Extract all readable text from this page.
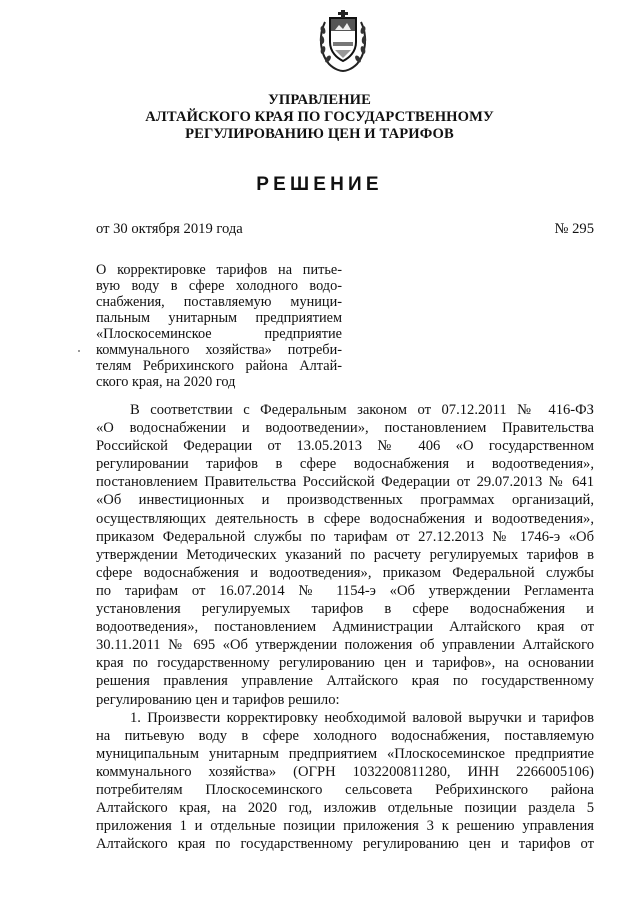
УПРАВЛЕНИЕ
АЛТАЙСКОГО КРАЯ ПО ГОСУДАРСТВЕННОМУ
РЕГУЛИРОВАНИЮ ЦЕН И ТАРИФОВ
РЕШЕНИЕ
от 30 октября 2019 года	№ 295
О корректировке тарифов на питье-
вую воду в сфере холодного водо-
снабжения, поставляемую муници-
пальным унитарным предприятием
«Плоскосеминское предприятие
коммунального хозяйства» потреби-
телям Ребрихинского района Алтай-
ского края, на 2020 год
В соответствии с Федеральным законом от 07.12.2011 № 416-ФЗ
«О водоснабжении и водоотведении», постановлением Правительства
Российской Федерации от 13.05.2013 № 406 «О государственном
регулировании тарифов в сфере водоснабжения и водоотведения»,
постановлением Правительства Российской Федерации от 29.07.2013 № 641
«Об инвестиционных и производственных программах организаций,
осуществляющих деятельность в сфере водоснабжения и водоотведения»,
приказом Федеральной службы по тарифам от 27.12.2013 № 1746-э «Об
утверждении Методических указаний по расчету регулируемых тарифов в
сфере водоснабжения и водоотведения», приказом Федеральной службы
по тарифам от 16.07.2014 № 1154-э «Об утверждении Регламента
установления регулируемых тарифов в сфере водоснабжения и
водоотведения», постановлением Администрации Алтайского края от
30.11.2011 № 695 «Об утверждении положения об управлении Алтайского
края по государственному регулированию цен и тарифов», на основании
решения правления управление Алтайского края по государственному
регулированию цен и тарифов решило:
1. Произвести корректировку необходимой валовой выручки и тарифов
на питьевую воду в сфере холодного водоснабжения, поставляемую
муниципальным унитарным предприятием «Плоскосеминское предприятие
коммунального хозяйства» (ОГРН 1032200811280, ИНН 2266005106)
потребителям Плоскосеминского сельсовета Ребрихинского района
Алтайского края, на 2020 год, изложив отдельные позиции раздела 5
приложения 1 и отдельные позиции приложения 3 к решению управления
Алтайского края по государственному регулированию цен и тарифов от
